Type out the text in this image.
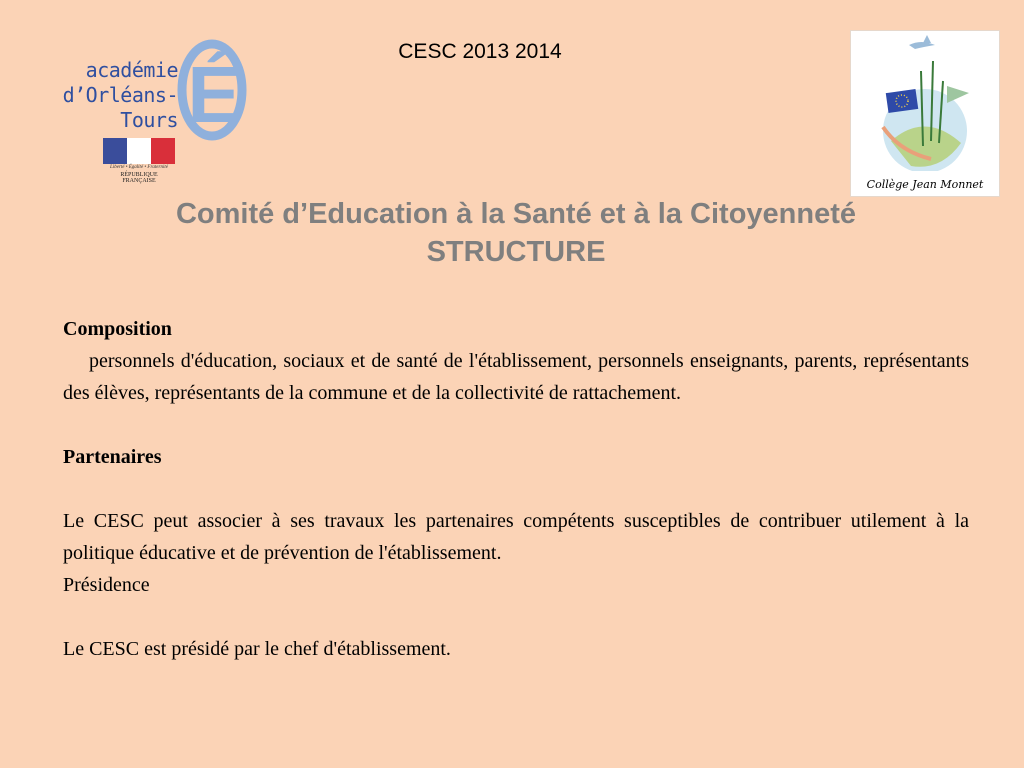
CESC 2013 2014
É
académie
d’Orléans-Tours
Liberté • Égalité • Fraternité
RÉPUBLIQUE FRANÇAISE	Collège Jean Monnet
Comité d’Education à la Santé et à la Citoyenneté
STRUCTURE

Composition

personnels d'éducation, sociaux et de santé de l'établissement, personnels enseignants, parents, représentants des élèves, représentants de la commune et de la collectivité de rattachement.

Partenaires

Le CESC peut associer à ses travaux les partenaires compétents susceptibles de contribuer utilement à la politique éducative et de prévention de l'établissement.

Présidence

Le CESC est présidé par le chef d'établissement.
